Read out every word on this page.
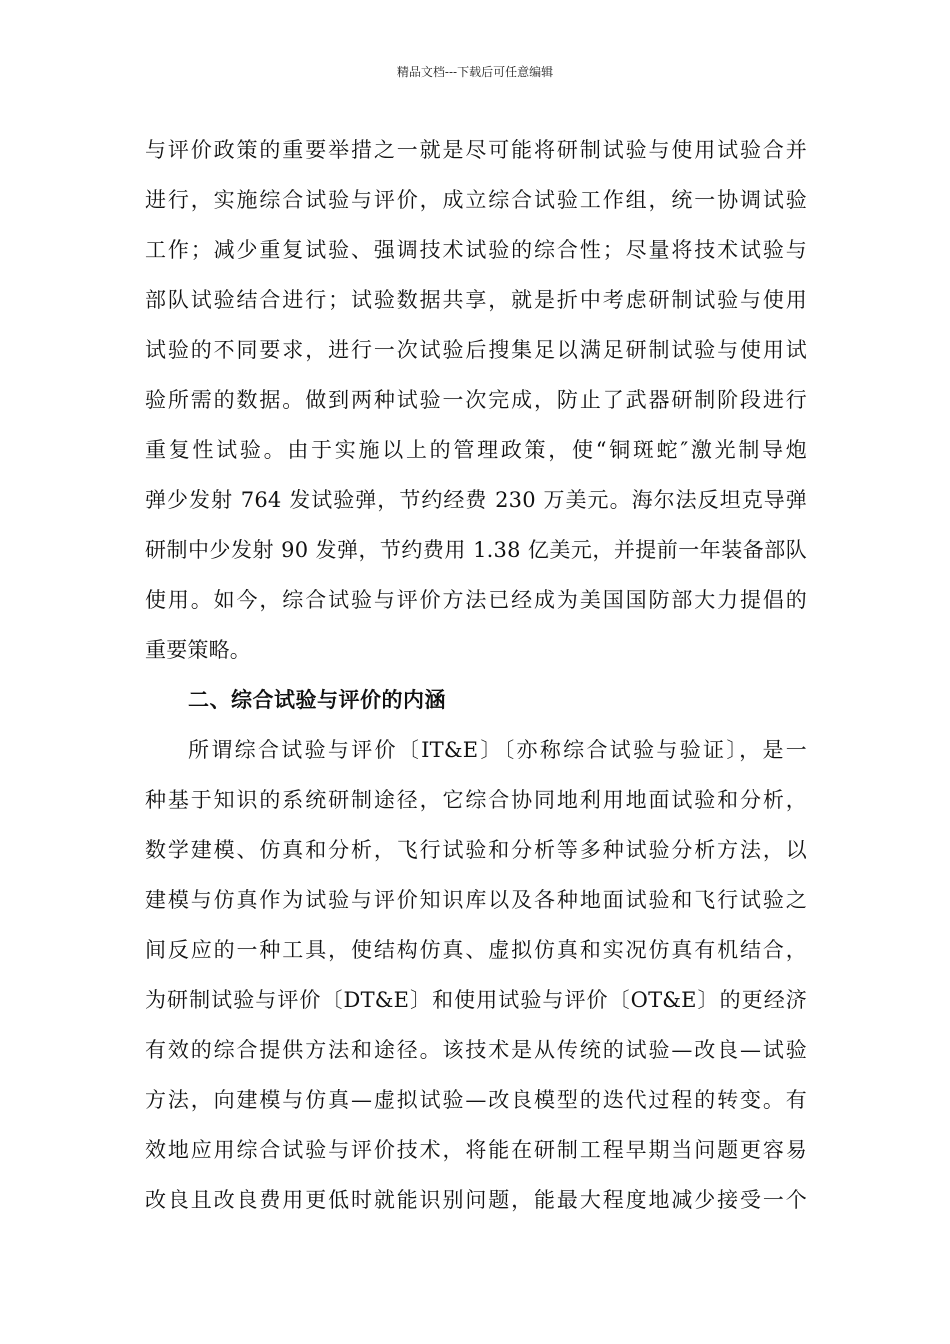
精品文档---下载后可任意编辑
与评价政策的重要举措之一就是尽可能将研制试验与使用试验合并
进行，实施综合试验与评价，成立综合试验工作组，统一协调试验
工作；减少重复试验、强调技术试验的综合性；尽量将技术试验与
部队试验结合进行；试验数据共享，就是折中考虑研制试验与使用
试验的不同要求，进行一次试验后搜集足以满足研制试验与使用试
验所需的数据。做到两种试验一次完成，防止了武器研制阶段进行
重复性试验。由于实施以上的管理政策，使“铜斑蛇″激光制导炮
弹少发射 764 发试验弹，节约经费 230 万美元。海尔法反坦克导弹
研制中少发射 90 发弹，节约费用 1.38 亿美元，并提前一年装备部队
使用。如今，综合试验与评价方法已经成为美国国防部大力提倡的
重要策略。
二、综合试验与评价的内涵
所谓综合试验与评价〔IT&E〕〔亦称综合试验与验证〕，是一
种基于知识的系统研制途径，它综合协同地利用地面试验和分析，
数学建模、仿真和分析，飞行试验和分析等多种试验分析方法，以
建模与仿真作为试验与评价知识库以及各种地面试验和飞行试验之
间反应的一种工具，使结构仿真、虚拟仿真和实况仿真有机结合，
为研制试验与评价〔DT&E〕和使用试验与评价〔OT&E〕的更经济
有效的综合提供方法和途径。该技术是从传统的试验—改良—试验
方法，向建模与仿真—虚拟试验—改良模型的迭代过程的转变。有
效地应用综合试验与评价技术，将能在研制工程早期当问题更容易
改良且改良费用更低时就能识别问题，能最大程度地减少接受一个
